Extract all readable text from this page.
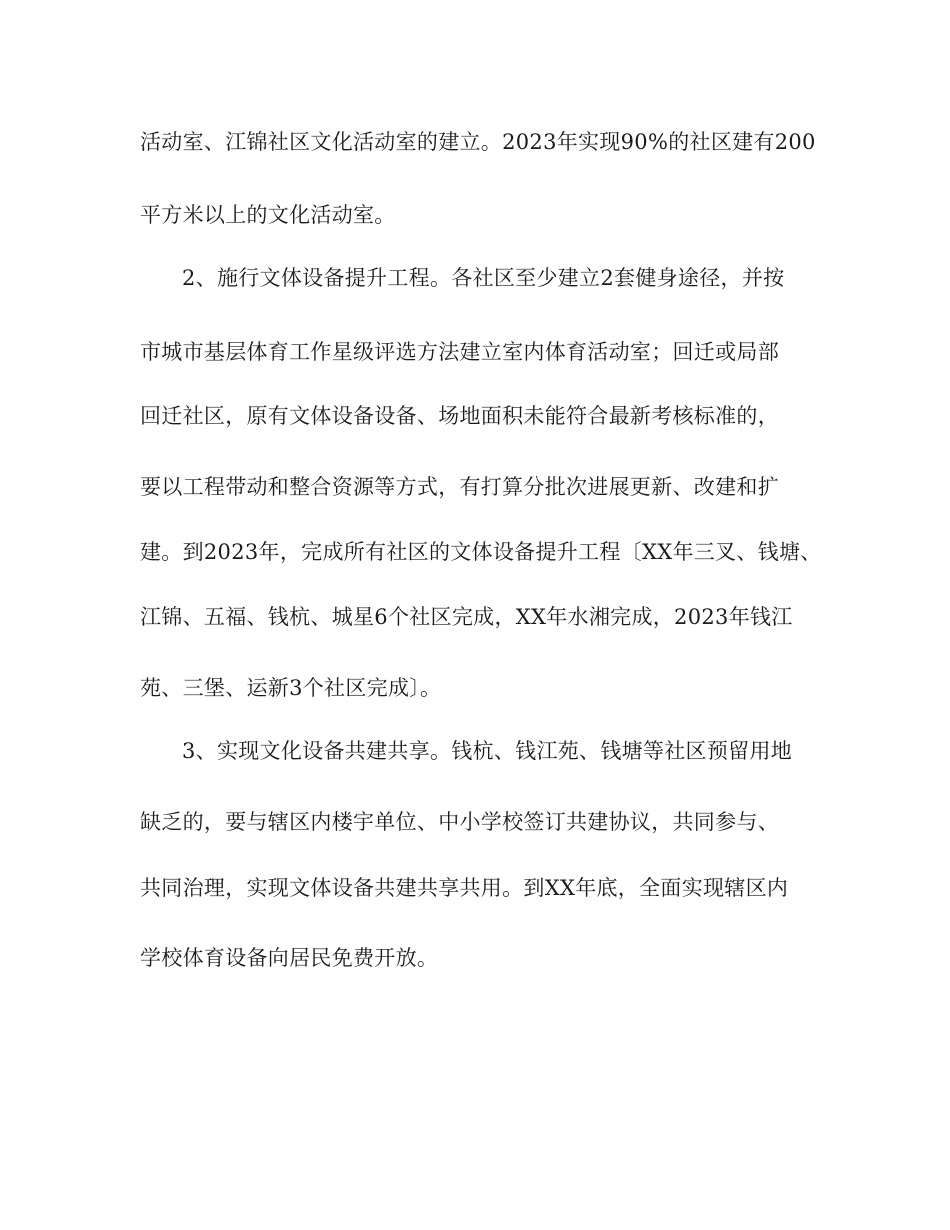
活动室、江锦社区文化活动室的建立。2023年实现90%的社区建有200
平方米以上的文化活动室。
2、施行文体设备提升工程。各社区至少建立2套健身途径，并按
市城市基层体育工作星级评选方法建立室内体育活动室；回迁或局部
回迁社区，原有文体设备设备、场地面积未能符合最新考核标准的，
要以工程带动和整合资源等方式，有打算分批次进展更新、改建和扩
建。到2023年，完成所有社区的文体设备提升工程〔XX年三叉、钱塘、
江锦、五福、钱杭、城星6个社区完成，XX年水湘完成，2023年钱江
苑、三堡、运新3个社区完成〕。
3、实现文化设备共建共享。钱杭、钱江苑、钱塘等社区预留用地
缺乏的，要与辖区内楼宇单位、中小学校签订共建协议，共同参与、
共同治理，实现文体设备共建共享共用。到XX年底，全面实现辖区内
学校体育设备向居民免费开放。
